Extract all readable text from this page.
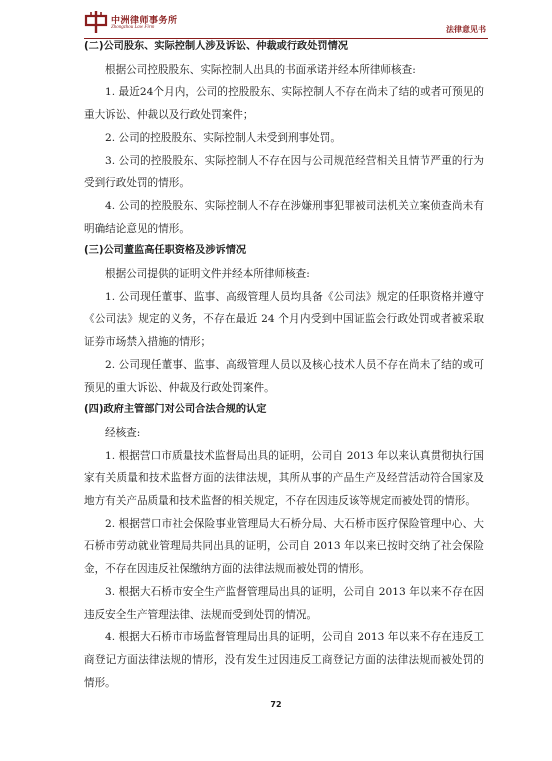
中洲律师事务所
Zhongzhou Law Firm	法律意见书

(二)公司股东、实际控制人涉及诉讼、仲裁或行政处罚情况

根据公司控股股东、实际控制人出具的书面承诺并经本所律师核查:

1. 最近24个月内，公司的控股股东、实际控制人不存在尚未了结的或者可预见的重大诉讼、仲裁以及行政处罚案件；

2. 公司的控股股东、实际控制人未受到刑事处罚。

3. 公司的控股股东、实际控制人不存在因与公司规范经营相关且情节严重的行为受到行政处罚的情形。

4. 公司的控股股东、实际控制人不存在涉嫌刑事犯罪被司法机关立案侦查尚未有明确结论意见的情形。

(三)公司董监高任职资格及涉诉情况

根据公司提供的证明文件并经本所律师核查:

1. 公司现任董事、监事、高级管理人员均具备《公司法》规定的任职资格并遵守《公司法》规定的义务，不存在最近 24 个月内受到中国证监会行政处罚或者被采取证券市场禁入措施的情形；

2. 公司现任董事、监事、高级管理人员以及核心技术人员不存在尚未了结的或可预见的重大诉讼、仲裁及行政处罚案件。

(四)政府主管部门对公司合法合规的认定

经核查:

1. 根据营口市质量技术监督局出具的证明，公司自 2013 年以来认真贯彻执行国家有关质量和技术监督方面的法律法规，其所从事的产品生产及经营活动符合国家及地方有关产品质量和技术监督的相关规定，不存在因违反该等规定而被处罚的情形。

2. 根据营口市社会保险事业管理局大石桥分局、大石桥市医疗保险管理中心、大石桥市劳动就业管理局共同出具的证明，公司自 2013 年以来已按时交纳了社会保险金，不存在因违反社保缴纳方面的法律法规而被处罚的情形。

3. 根据大石桥市安全生产监督管理局出具的证明，公司自 2013 年以来不存在因违反安全生产管理法律、法规而受到处罚的情况。

4. 根据大石桥市市场监督管理局出具的证明，公司自 2013 年以来不存在违反工商登记方面法律法规的情形，没有发生过因违反工商登记方面的法律法规而被处罚的情形。

72
